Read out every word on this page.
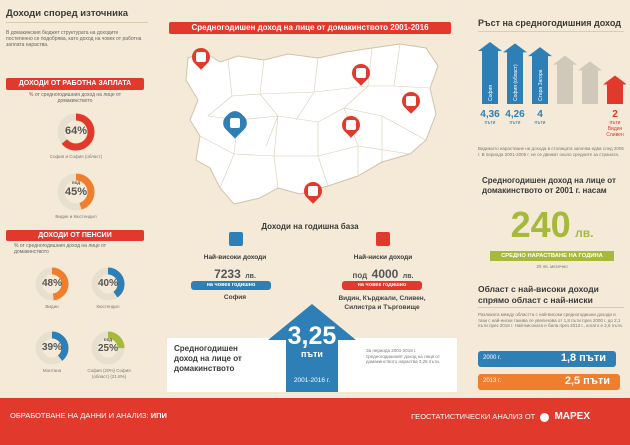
Доходи според източника
В домакинския бюджет структурата на доходите постепенно се подобрява, като доход на човек от работна заплата нараства.
ДОХОДИ ОТ РАБОТНА ЗАПЛАТА
% от средногодишния доход на лице от домакинството
64%
София и София (област)
45%
под
Видин и Кюстендил
ДОХОДИ ОТ ПЕНСИИ
% от средногодишния доход на лице от домакинството
48%
Видин
40%
Кюстендил
39%
Монтана
25%
под
София (20%) София (област) (21.8%)
Средногодишен доход на лице от домакинството 2001-2016
Доходи на годишна база
Най-високи доходи
7233 лв.
на човек годишно
София
Най-ниски доходи
под 4000 лв.
на човек годишно
Видин, Кърджали, Сливен, Силистра и Търговище
Средногодишен доход на лице от домакинството
3,25
пъти
2001-2016 г.
За периода 2001-2016 г. средногодишният доход на лице от домакинството нараства 3,25 пъти.
Ръст на средногодишния доход
София
4,36
пъти
София (област)
4,26
пъти
Стара Загора
4
пъти
2
пъти
Видин
Сливен
Видимото нарастване на дохода в столицата започва едва след 2005 г. В периода 2001-2005 г. не се движат около средните за страната.
Средногодишен доход на лице от домакинството от 2001 г. насам
240 лв.
СРЕДНО НАРАСТВАНЕ НА ГОДИНА
20 лв. месечно
Област с най-високи доходи спрямо област с най-ниски
Разликата между областта с най-високи средногодишни доходи и тази с най-ниски такива се увеличава от 1,8 пъти през 2000 г. до 2,1 пъти през 2015 г. Най-високата е била през 2013 г., когато е 2,5 пъти.
2000 г.	1,8 пъти
2013 г.	2,5 пъти
ОБРАБОТВАНЕ НА ДАННИ И АНАЛИЗ: ИПИ	ГЕОСТАТИСТИЧЕСКИ АНАЛИЗ ОТ МАРЕХ
